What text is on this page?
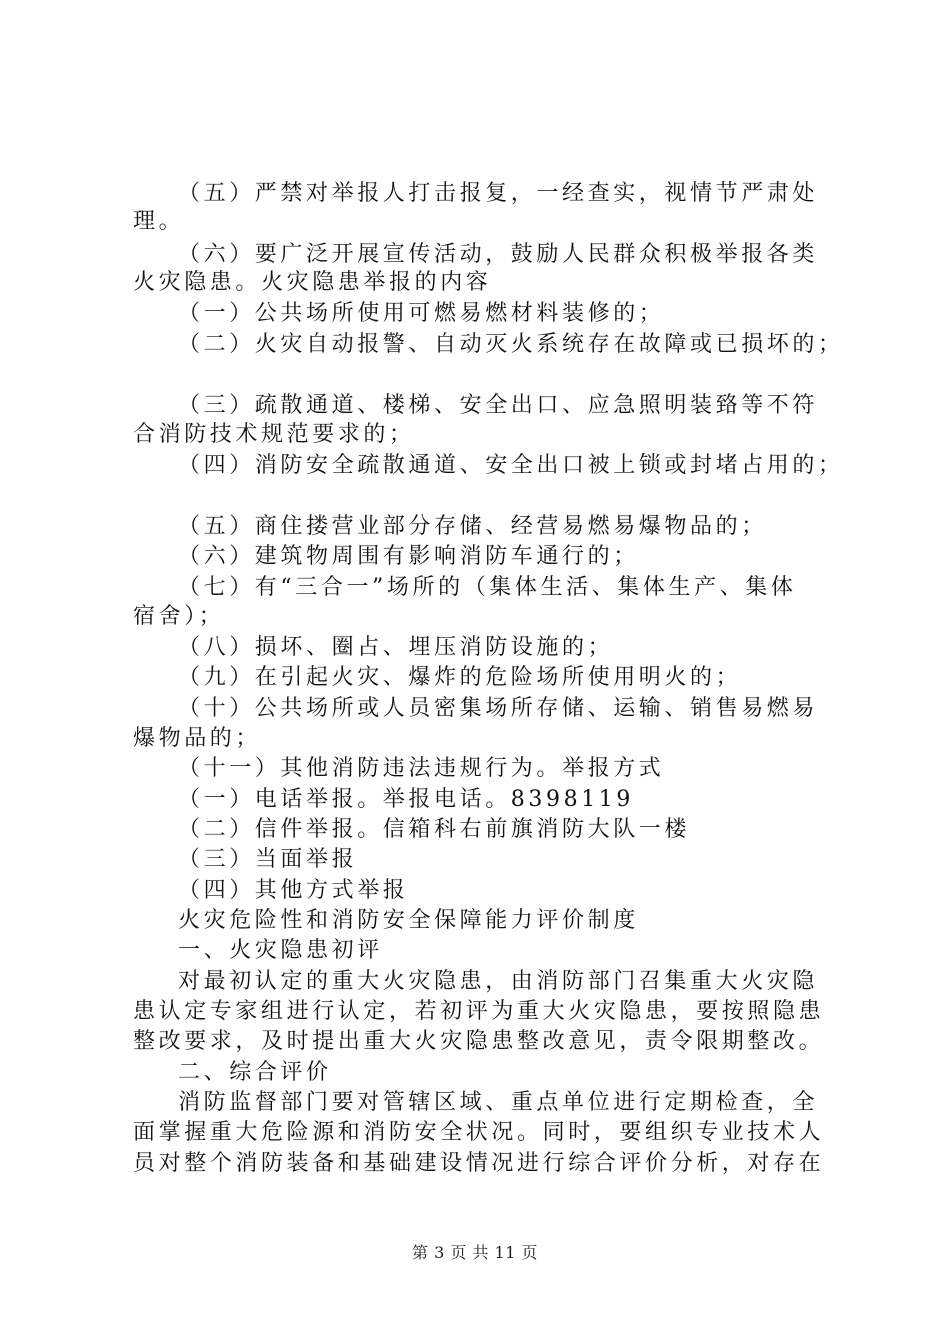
（五）严禁对举报人打击报复，一经查实，视情节严肃处
理。
（六）要广泛开展宣传活动，鼓励人民群众积极举报各类
火灾隐患。火灾隐患举报的内容
（一）公共场所使用可燃易燃材料装修的；
（二）火灾自动报警、自动灭火系统存在故障或已损坏的；
（三）疏散通道、楼梯、安全出口、应急照明装臵等不符
合消防技术规范要求的；
（四）消防安全疏散通道、安全出口被上锁或封堵占用的；
（五）商住搂营业部分存储、经营易燃易爆物品的；
（六）建筑物周围有影响消防车通行的；
（七）有“三合一”场所的（集体生活、集体生产、集体
宿舍）；
（八）损坏、圈占、埋压消防设施的；
（九）在引起火灾、爆炸的危险场所使用明火的；
（十）公共场所或人员密集场所存储、运输、销售易燃易
爆物品的；
（十一）其他消防违法违规行为。举报方式
（一）电话举报。举报电话。8398119
（二）信件举报。信箱科右前旗消防大队一楼
（三）当面举报
（四）其他方式举报
火灾危险性和消防安全保障能力评价制度
一、火灾隐患初评
对最初认定的重大火灾隐患，由消防部门召集重大火灾隐
患认定专家组进行认定，若初评为重大火灾隐患，要按照隐患
整改要求，及时提出重大火灾隐患整改意见，责令限期整改。
二、综合评价
消防监督部门要对管辖区域、重点单位进行定期检查，全
面掌握重大危险源和消防安全状况。同时，要组织专业技术人
员对整个消防装备和基础建设情况进行综合评价分析，对存在
第 3 页 共 11 页
